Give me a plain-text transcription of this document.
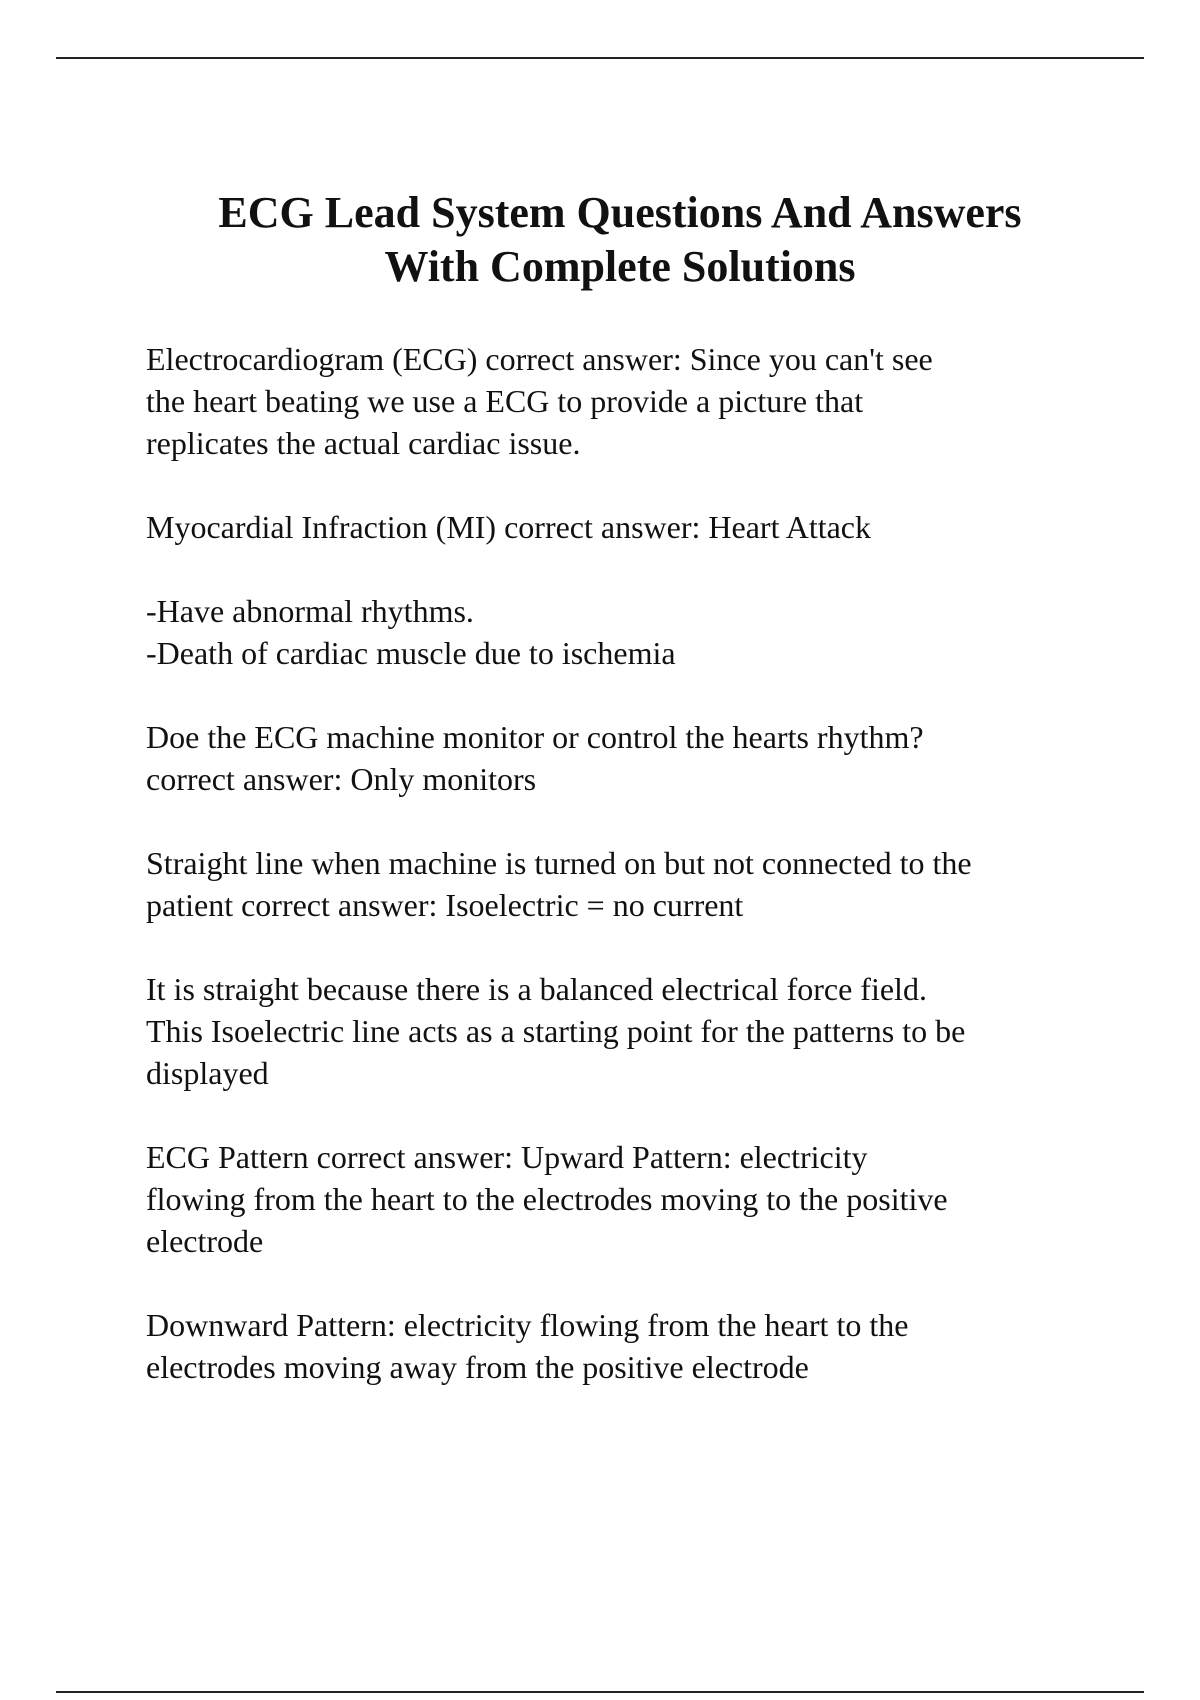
ECG Lead System Questions And Answers
With Complete Solutions

Electrocardiogram (ECG) correct answer: Since you can't see
the heart beating we use a ECG to provide a picture that
replicates the actual cardiac issue.

Myocardial Infraction (MI) correct answer: Heart Attack

-Have abnormal rhythms.
-Death of cardiac muscle due to ischemia

Doe the ECG machine monitor or control the hearts rhythm?
correct answer: Only monitors

Straight line when machine is turned on but not connected to the
patient correct answer: Isoelectric = no current

It is straight because there is a balanced electrical force field.
This Isoelectric line acts as a starting point for the patterns to be
displayed

ECG Pattern correct answer: Upward Pattern: electricity
flowing from the heart to the electrodes moving to the positive
electrode

Downward Pattern: electricity flowing from the heart to the
electrodes moving away from the positive electrode
